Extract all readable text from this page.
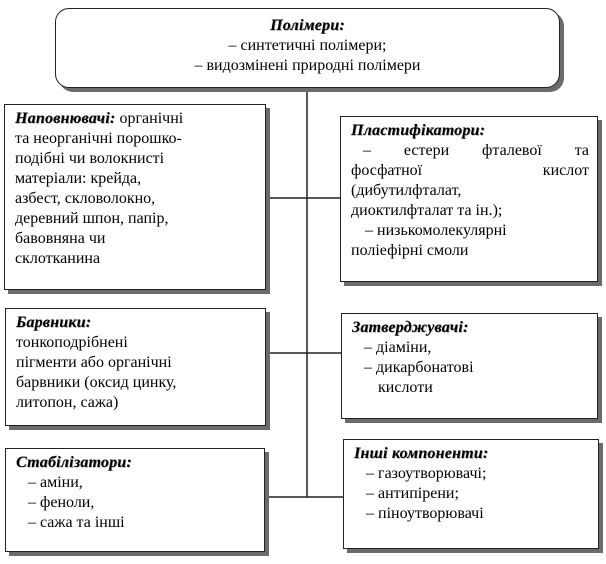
Полімери:
– синтетичні полімери;
– видозмінені природні полімери
Наповнювачі: органічні
та неорганічні порошко-
подібні чи волокнисті
матеріали: крейда,
азбест, скловолокно,
деревний шпон, папір,
бавовняна чи
склотканина
Барвники:
тонкоподрібнені
пігменти або органічні
барвники (оксид цинку,
литопон, сажа)
Стабілізатори:
– аміни,
– феноли,
– сажа та інші
Пластифікатори:
– естери фталевої та
фосфатної кислот
(дибутилфталат,
диоктилфталат та ін.);
– низькомолекулярні
поліефірні смоли
Затверджувачі:
– діаміни,
– дикарбонатові
кислоти
Інші компоненти:
– газоутворювачі;
– антипірени;
– піноутворювачі
